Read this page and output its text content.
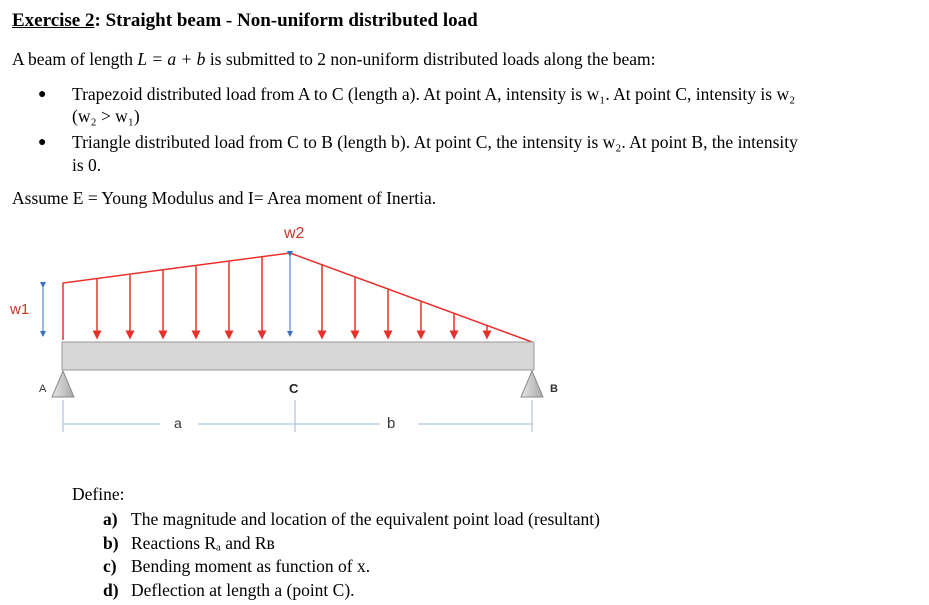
Exercise 2: Straight beam - Non-uniform distributed load
A beam of length L = a + b is submitted to 2 non-uniform distributed loads along the beam:
● Trapezoid distributed load from A to C (length a). At point A, intensity is w₁. At point C, intensity is w₂
(w₂ > w₁)
● Triangle distributed load from C to B (length b). At point C, the intensity is w₂. At point B, the intensity
is 0.
Assume E = Young Modulus and I= Area moment of Inertia.
w2
w1
A	B
C
a	b
Define:
a) The magnitude and location of the equivalent point load (resultant)
b) Reactions Rₐ and Rʙ
c) Bending moment as function of x.
d) Deflection at length a (point C).
